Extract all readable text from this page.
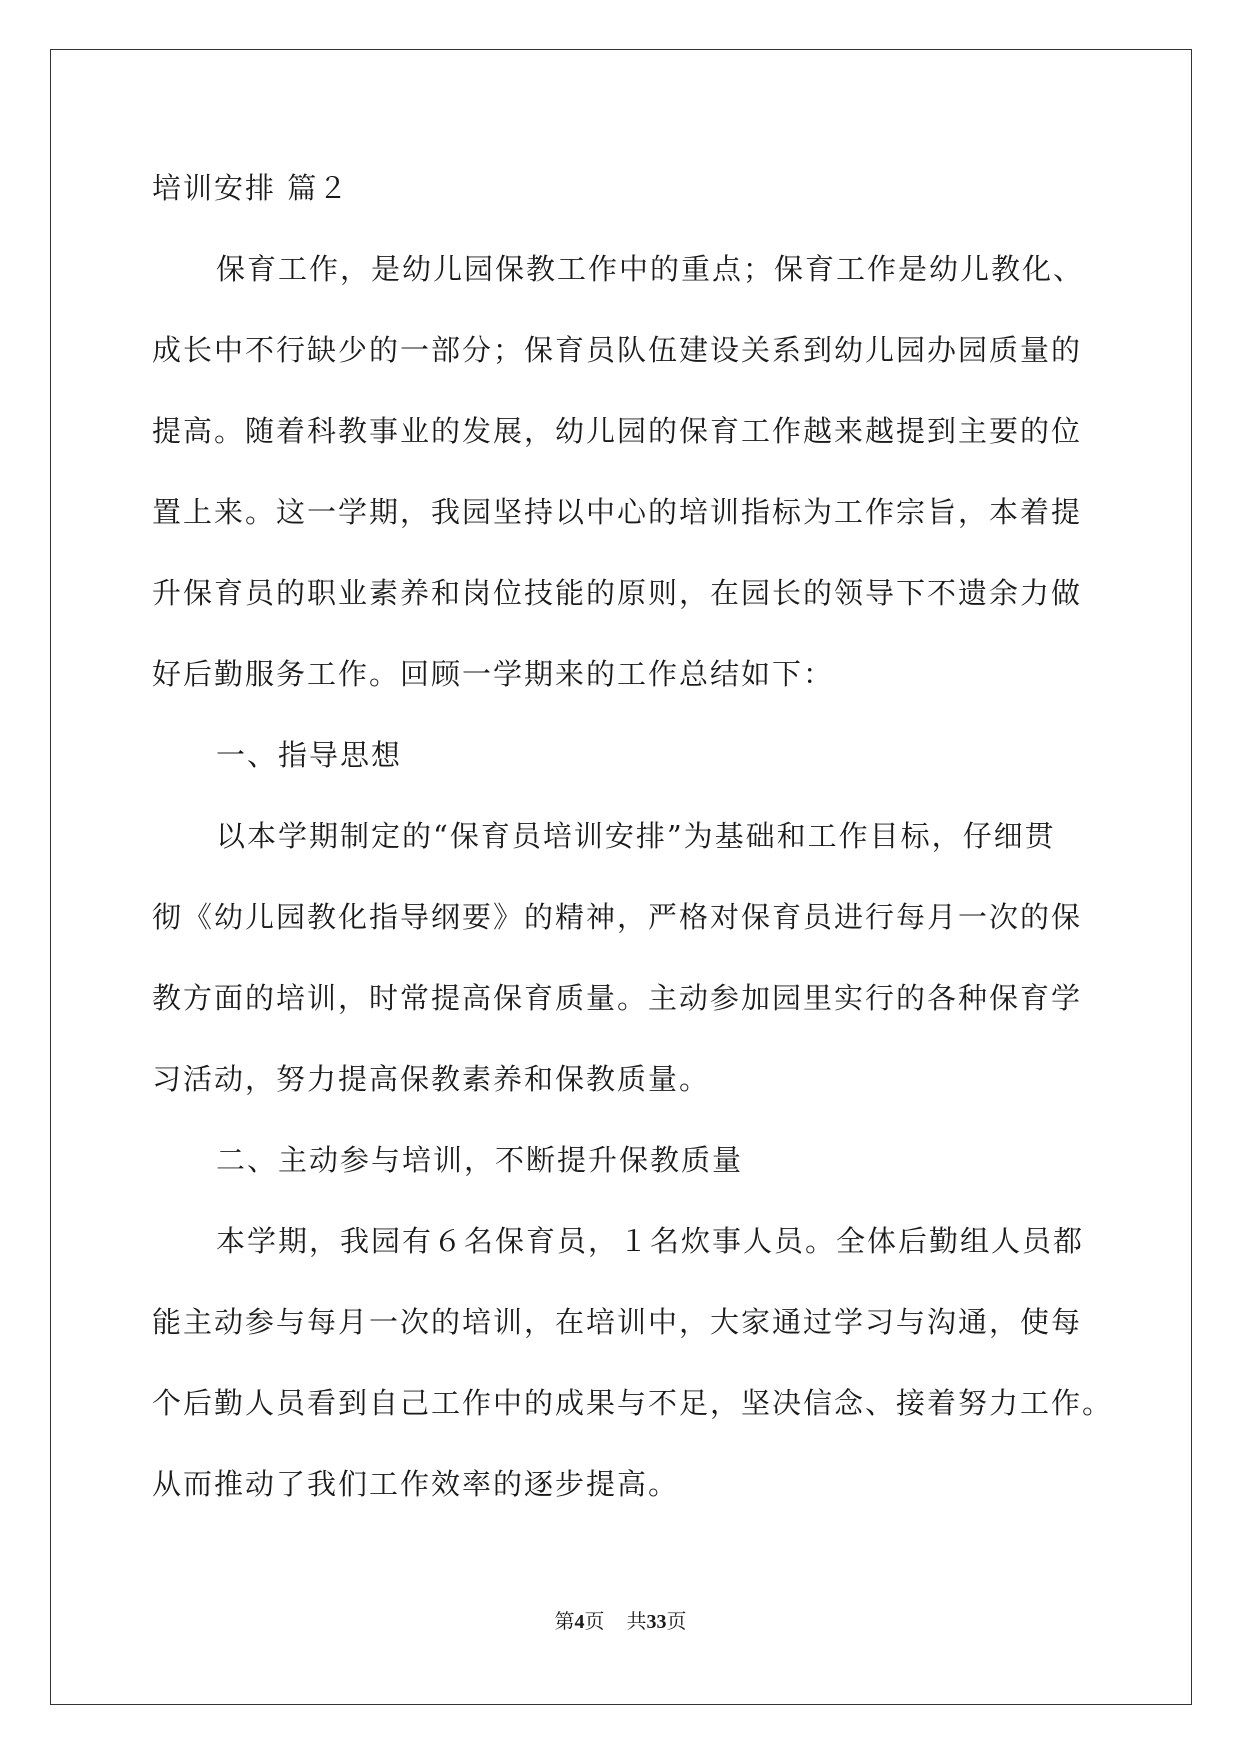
培训安排 篇２
保育工作，是幼儿园保教工作中的重点；保育工作是幼儿教化、
成长中不行缺少的一部分；保育员队伍建设关系到幼儿园办园质量的
提高。随着科教事业的发展，幼儿园的保育工作越来越提到主要的位
置上来。这一学期，我园坚持以中心的培训指标为工作宗旨，本着提
升保育员的职业素养和岗位技能的原则，在园长的领导下不遗余力做
好后勤服务工作。回顾一学期来的工作总结如下：
一、指导思想
以本学期制定的“保育员培训安排”为基础和工作目标，仔细贯
彻《幼儿园教化指导纲要》的精神，严格对保育员进行每月一次的保
教方面的培训，时常提高保育质量。主动参加园里实行的各种保育学
习活动，努力提高保教素养和保教质量。
二、主动参与培训，不断提升保教质量
本学期，我园有６名保育员，１名炊事人员。全体后勤组人员都
能主动参与每月一次的培训，在培训中，大家通过学习与沟通，使每
个后勤人员看到自己工作中的成果与不足，坚决信念、接着努力工作。
从而推动了我们工作效率的逐步提高。
第4页 共33页
